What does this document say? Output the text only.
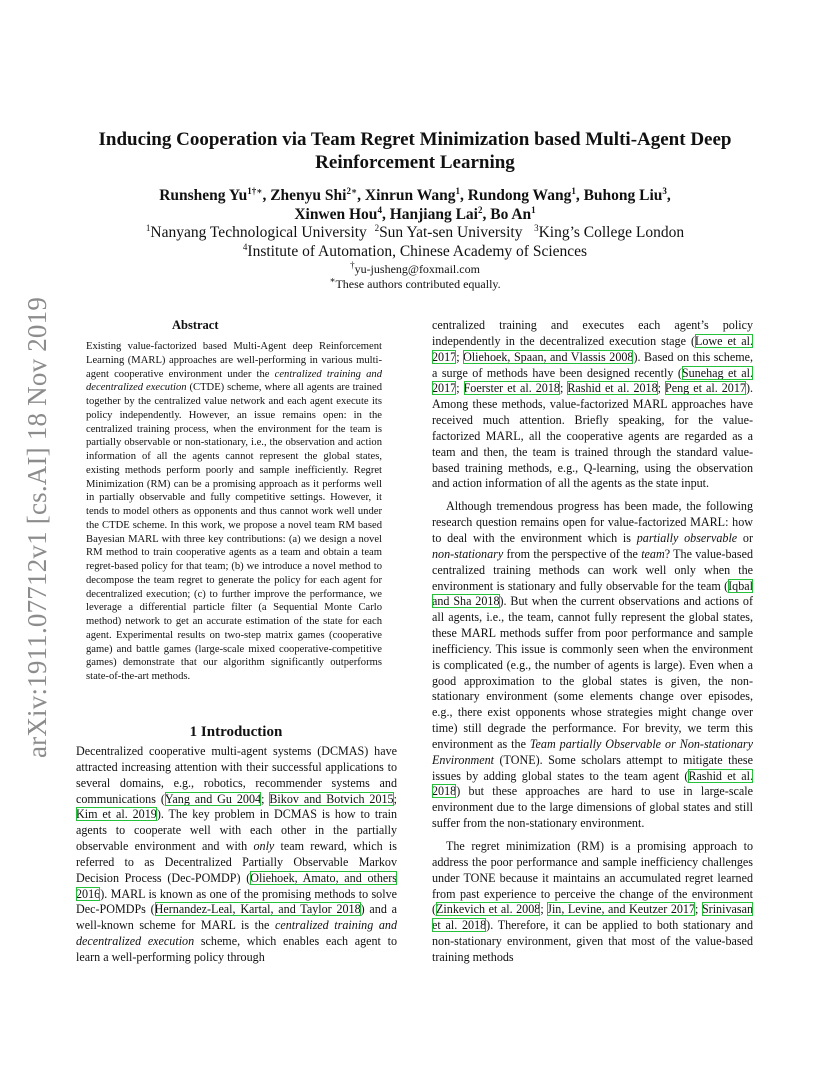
arXiv:1911.07712v1 [cs.AI] 18 Nov 2019
Inducing Cooperation via Team Regret Minimization based Multi-Agent Deep
Reinforcement Learning
Runsheng $Yu^{1\dagger∗}$, Zhenyu Shi$^{2∗}$, Xinrun Wang$^1$, Rundong Wang$^1$, Buhong Liu$^3$,
Xinwen Hou$^4$, Hanjiang Lai$^2$, Bo An$^1$
$^1$Nanyang Technological University  $^2$Sun Yat-sen University   $^3$King’s College London
$^4$Institute of Automation, Chinese Academy of Sciences
†yu-jusheng@foxmail.com
∗These authors contributed equally.
Abstract
Existing value-factorized based Multi-Agent deep Reinforcement Learning (MARL) approaches are well-performing in various multi-agent cooperative environment under the centralized training and decentralized execution (CTDE) scheme, where all agents are trained together by the centralized value network and each agent execute its policy independently. However, an issue remains open: in the centralized training process, when the environment for the team is partially observable or non-stationary, i.e., the observation and action information of all the agents cannot represent the global states, existing methods perform poorly and sample inefficiently. Regret Minimization (RM) can be a promising approach as it performs well in partially observable and fully competitive settings. However, it tends to model others as opponents and thus cannot work well under the CTDE scheme. In this work, we propose a novel team RM based Bayesian MARL with three key contributions: (a) we design a novel RM method to train cooperative agents as a team and obtain a team regret-based policy for that team; (b) we introduce a novel method to decompose the team regret to generate the policy for each agent for decentralized execution; (c) to further improve the performance, we leverage a differential particle filter (a Sequential Monte Carlo method) network to get an accurate estimation of the state for each agent. Experimental results on two-step matrix games (cooperative game) and battle games (large-scale mixed cooperative-competitive games) demonstrate that our algorithm significantly outperforms state-of-the-art methods.
1 Introduction

Decentralized cooperative multi-agent systems (DCMAS) have attracted increasing attention with their successful applications to several domains, e.g., robotics, recommender systems and communications (Yang and Gu 2004; Bikov and Botvich 2015; Kim et al. 2019). The key problem in DCMAS is how to train agents to cooperate well with each other in the partially observable environment and with only team reward, which is referred to as Decentralized Partially Observable Markov Decision Process (Dec-POMDP) (Oliehoek, Amato, and others 2016). MARL is known as one of the promising methods to solve Dec-POMDPs (Hernandez-Leal, Kartal, and Taylor 2018) and a well-known scheme for MARL is the centralized training and decentralized execution scheme, which enables each agent to learn a well-performing policy through

centralized training and executes each agent’s policy independently in the decentralized execution stage (Lowe et al. 2017; Oliehoek, Spaan, and Vlassis 2008). Based on this scheme, a surge of methods have been designed recently (Sunehag et al. 2017; Foerster et al. 2018; Rashid et al. 2018; Peng et al. 2017). Among these methods, value-factorized MARL approaches have received much attention. Briefly speaking, for the value-factorized MARL, all the cooperative agents are regarded as a team and then, the team is trained through the standard value-based training methods, e.g., Q-learning, using the observation and action information of all the agents as the state input.

Although tremendous progress has been made, the following research question remains open for value-factorized MARL: how to deal with the environment which is partially observable or non-stationary from the perspective of the team? The value-based centralized training methods can work well only when the environment is stationary and fully observable for the team (Iqbal and Sha 2018). But when the current observations and actions of all agents, i.e., the team, cannot fully represent the global states, these MARL methods suffer from poor performance and sample inefficiency. This issue is commonly seen when the environment is complicated (e.g., the number of agents is large). Even when a good approximation to the global states is given, the non-stationary environment (some elements change over episodes, e.g., there exist opponents whose strategies might change over time) still degrade the performance. For brevity, we term this environment as the Team partially Observable or Non-stationary Environment (TONE). Some scholars attempt to mitigate these issues by adding global states to the team agent (Rashid et al. 2018) but these approaches are hard to use in large-scale environment due to the large dimensions of global states and still suffer from the non-stationary environment.

The regret minimization (RM) is a promising approach to address the poor performance and sample inefficiency challenges under TONE because it maintains an accumulated regret learned from past experience to perceive the change of the environment (Zinkevich et al. 2008; Jin, Levine, and Keutzer 2017; Srinivasan et al. 2018). Therefore, it can be applied to both stationary and non-stationary environment, given that most of the value-based training methods
